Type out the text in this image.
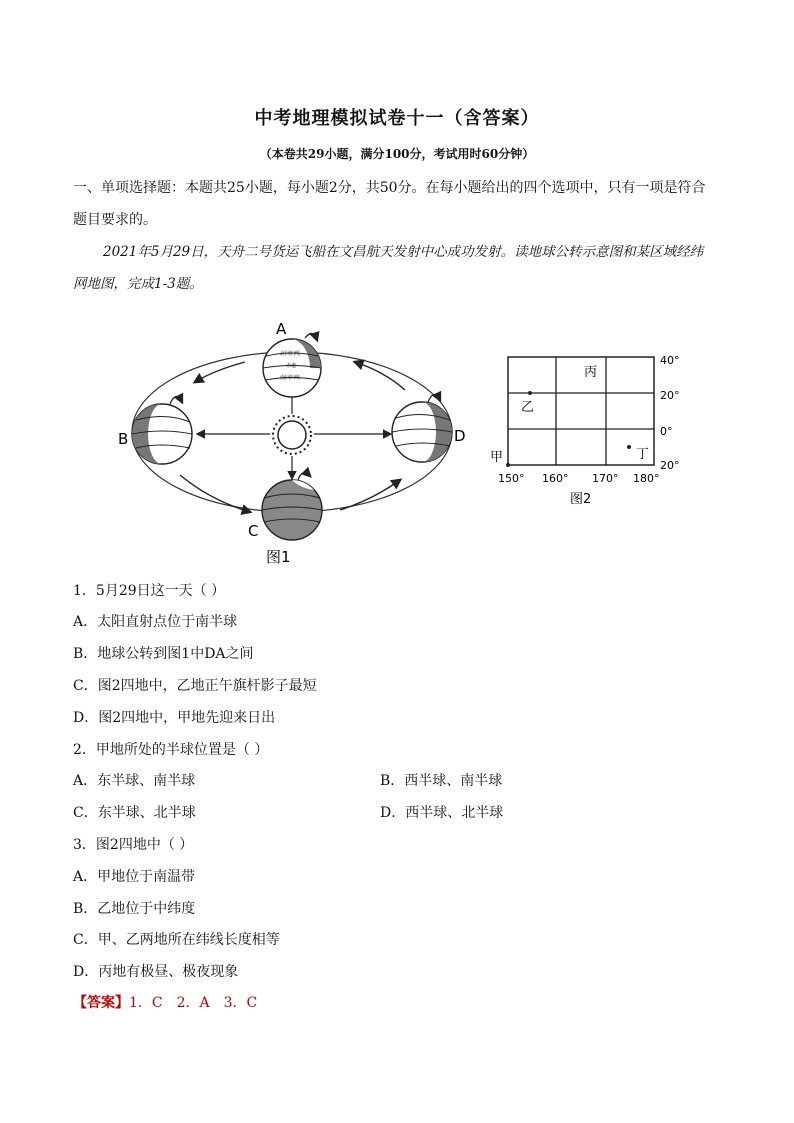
中考地理模拟试卷十一（含答案）
（本卷共29小题，满分100分，考试用时60分钟）
一、单项选择题：本题共25小题，每小题2分，共50分。在每小题给出的四个选项中，只有一项是符合
题目要求的。
2021年5月29日，天舟二号货运飞船在文昌航天发射中心成功发射。读地球公转示意图和某区域经纬
网地图，完成1-3题。
北回归线
赤道
南回归线
A
B
C
D
图1
40°
20°
0°
20°
150° 160° 170° 180°
甲
乙
丙
丁
图2
1．5月29日这一天（ ）
A．太阳直射点位于南半球
B．地球公转到图1中DA之间
C．图2四地中，乙地正午旗杆影子最短
D．图2四地中，甲地先迎来日出
2．甲地所处的半球位置是（ ）
A．东半球、南半球	B．西半球、南半球
C．东半球、北半球	D．西半球、北半球
3．图2四地中（ ）
A．甲地位于南温带
B．乙地位于中纬度
C．甲、乙两地所在纬线长度相等
D．丙地有极昼、极夜现象
【答案】1．C　2．A　3．C
